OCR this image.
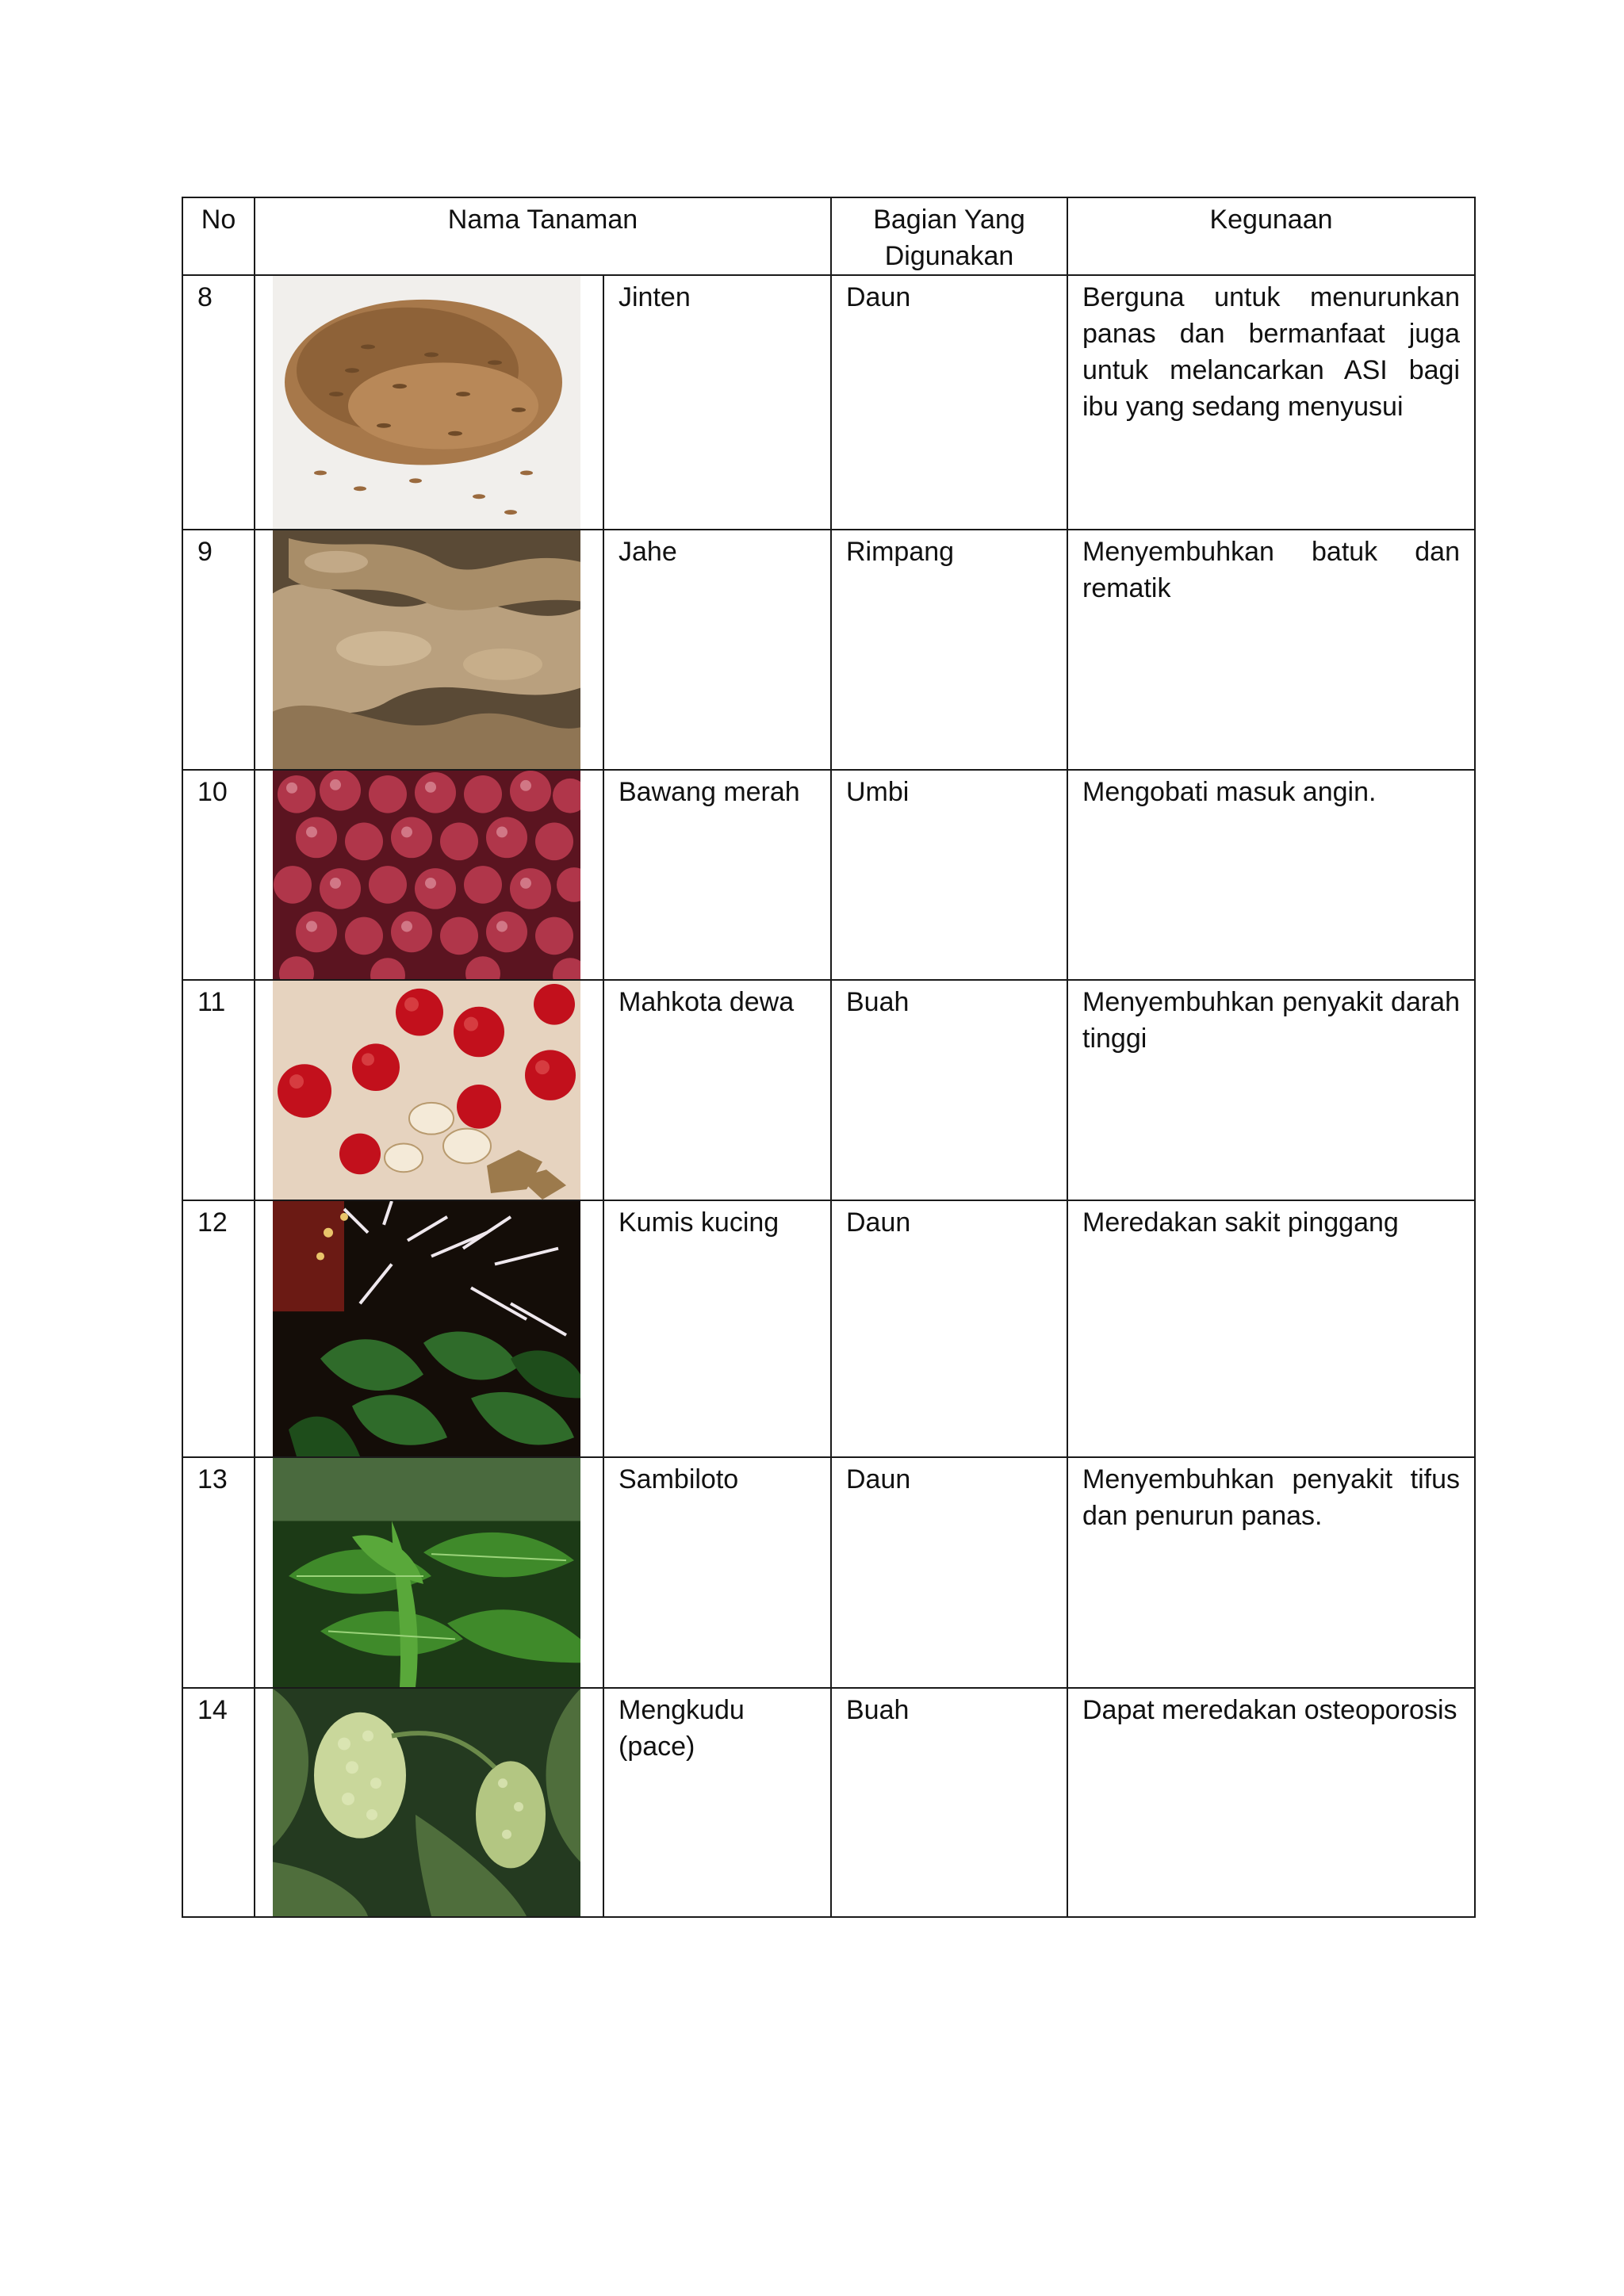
No	Nama Tanaman		Bagian Yang Digunakan	Kegunaan

8		Jinten	Daun	Berguna untuk menurunkan panas dan bermanfaat juga untuk melancarkan ASI bagi ibu yang sedang menyusui

9		Jahe	Rimpang	Menyembuhkan batuk dan rematik

10		Bawang merah	Umbi	Mengobati masuk angin.

11		Mahkota dewa	Buah	Menyembuhkan penyakit darah tinggi

12		Kumis kucing	Daun	Meredakan sakit pinggang

13		Sambiloto	Daun	Menyembuhkan penyakit tifus dan penurun panas.

14		Mengkudu (pace)	Buah	Dapat meredakan osteoporosis
